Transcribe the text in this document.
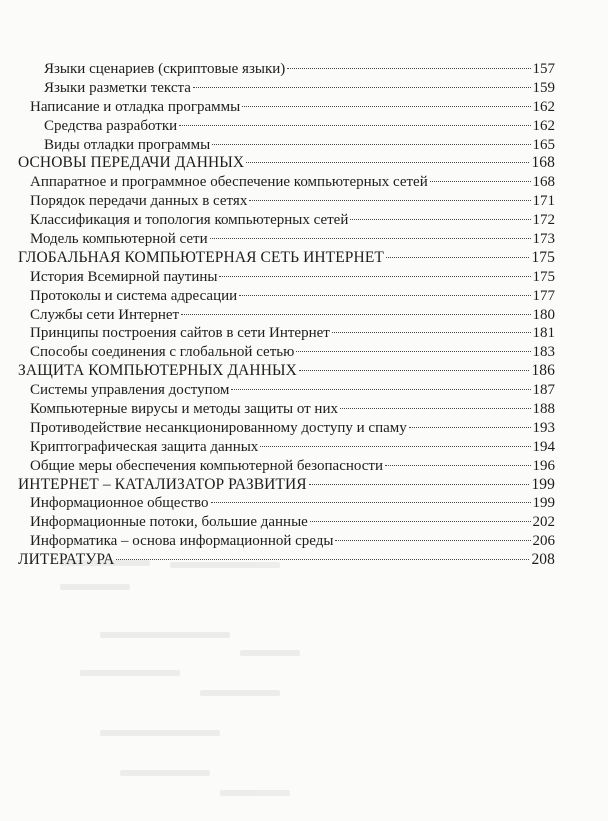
Языки сценариев (скриптовые языки)	157
Языки разметки текста	159
Написание и отладка программы	162
Средства разработки	162
Виды отладки программы	165
ОСНОВЫ ПЕРЕДАЧИ ДАННЫХ	168
Аппаратное и программное обеспечение компьютерных сетей	168
Порядок передачи данных в сетях	171
Классификация и топология компьютерных сетей	172
Модель компьютерной сети	173
ГЛОБАЛЬНАЯ КОМПЬЮТЕРНАЯ СЕТЬ ИНТЕРНЕТ	175
История Всемирной паутины	175
Протоколы и система адресации	177
Службы сети Интернет	180
Принципы построения сайтов в сети Интернет	181
Способы соединения с глобальной сетью	183
ЗАЩИТА КОМПЬЮТЕРНЫХ ДАННЫХ	186
Системы управления доступом	187
Компьютерные вирусы и методы защиты от них	188
Противодействие несанкционированному доступу и спаму	193
Криптографическая защита данных	194
Общие меры обеспечения компьютерной безопасности	196
ИНТЕРНЕТ – КАТАЛИЗАТОР РАЗВИТИЯ	199
Информационное общество	199
Информационные потоки, большие данные	202
Информатика – основа информационной среды	206
ЛИТЕРАТУРА	208
